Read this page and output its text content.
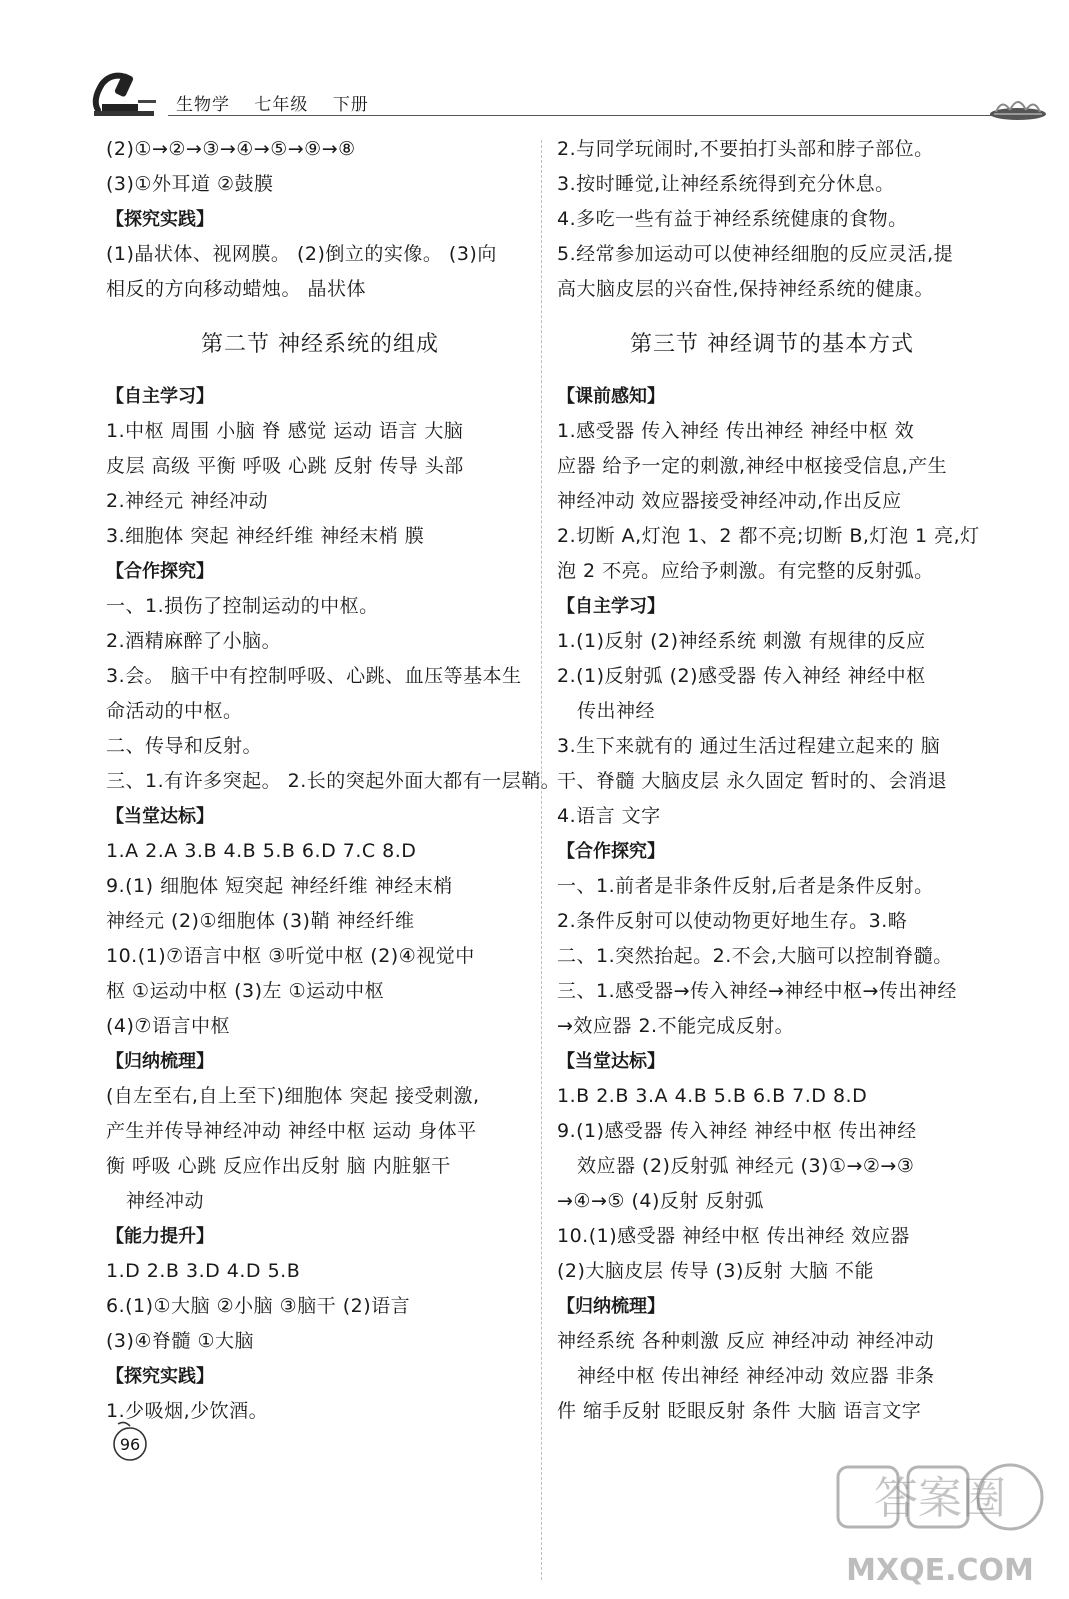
生物学 七年级 下册
(2)①→②→③→④→⑤→⑨→⑧
(3)①外耳道 ②鼓膜
【探究实践】
(1)晶状体、视网膜。 (2)倒立的实像。 (3)向
相反的方向移动蜡烛。 晶状体
第二节 神经系统的组成
【自主学习】
1.中枢 周围 小脑 脊 感觉 运动 语言 大脑
皮层 高级 平衡 呼吸 心跳 反射 传导 头部
2.神经元 神经冲动
3.细胞体 突起 神经纤维 神经末梢 膜
【合作探究】
一、1.损伤了控制运动的中枢。
2.酒精麻醉了小脑。
3.会。 脑干中有控制呼吸、心跳、血压等基本生
命活动的中枢。
二、传导和反射。
三、1.有许多突起。 2.长的突起外面大都有一层鞘。
【当堂达标】
1.A 2.A 3.B 4.B 5.B 6.D 7.C 8.D
9.(1) 细胞体 短突起 神经纤维 神经末梢
神经元 (2)①细胞体 (3)鞘 神经纤维
10.(1)⑦语言中枢 ③听觉中枢 (2)④视觉中
枢 ①运动中枢 (3)左 ①运动中枢
(4)⑦语言中枢
【归纳梳理】
(自左至右,自上至下)细胞体 突起 接受刺激,
产生并传导神经冲动 神经中枢 运动 身体平
衡 呼吸 心跳 反应作出反射 脑 内脏躯干
神经冲动
【能力提升】
1.D 2.B 3.D 4.D 5.B
6.(1)①大脑 ②小脑 ③脑干 (2)语言
(3)④脊髓 ①大脑
【探究实践】
1.少吸烟,少饮酒。
2.与同学玩闹时,不要拍打头部和脖子部位。
3.按时睡觉,让神经系统得到充分休息。
4.多吃一些有益于神经系统健康的食物。
5.经常参加运动可以使神经细胞的反应灵活,提
高大脑皮层的兴奋性,保持神经系统的健康。
第三节 神经调节的基本方式
【课前感知】
1.感受器 传入神经 传出神经 神经中枢 效
应器 给予一定的刺激,神经中枢接受信息,产生
神经冲动 效应器接受神经冲动,作出反应
2.切断 A,灯泡 1、2 都不亮;切断 B,灯泡 1 亮,灯
泡 2 不亮。应给予刺激。有完整的反射弧。
【自主学习】
1.(1)反射 (2)神经系统 刺激 有规律的反应
2.(1)反射弧 (2)感受器 传入神经 神经中枢
传出神经
3.生下来就有的 通过生活过程建立起来的 脑
干、脊髓 大脑皮层 永久固定 暂时的、会消退
4.语言 文字
【合作探究】
一、1.前者是非条件反射,后者是条件反射。
2.条件反射可以使动物更好地生存。3.略
二、1.突然抬起。2.不会,大脑可以控制脊髓。
三、1.感受器→传入神经→神经中枢→传出神经
→效应器 2.不能完成反射。
【当堂达标】
1.B 2.B 3.A 4.B 5.B 6.B 7.D 8.D
9.(1)感受器 传入神经 神经中枢 传出神经
效应器 (2)反射弧 神经元 (3)①→②→③
→④→⑤ (4)反射 反射弧
10.(1)感受器 神经中枢 传出神经 效应器
(2)大脑皮层 传导 (3)反射 大脑 不能
【归纳梳理】
神经系统 各种刺激 反应 神经冲动 神经冲动
神经中枢 传出神经 神经冲动 效应器 非条
件 缩手反射 眨眼反射 条件 大脑 语言文字
96
答案圈
MXQE.COM
